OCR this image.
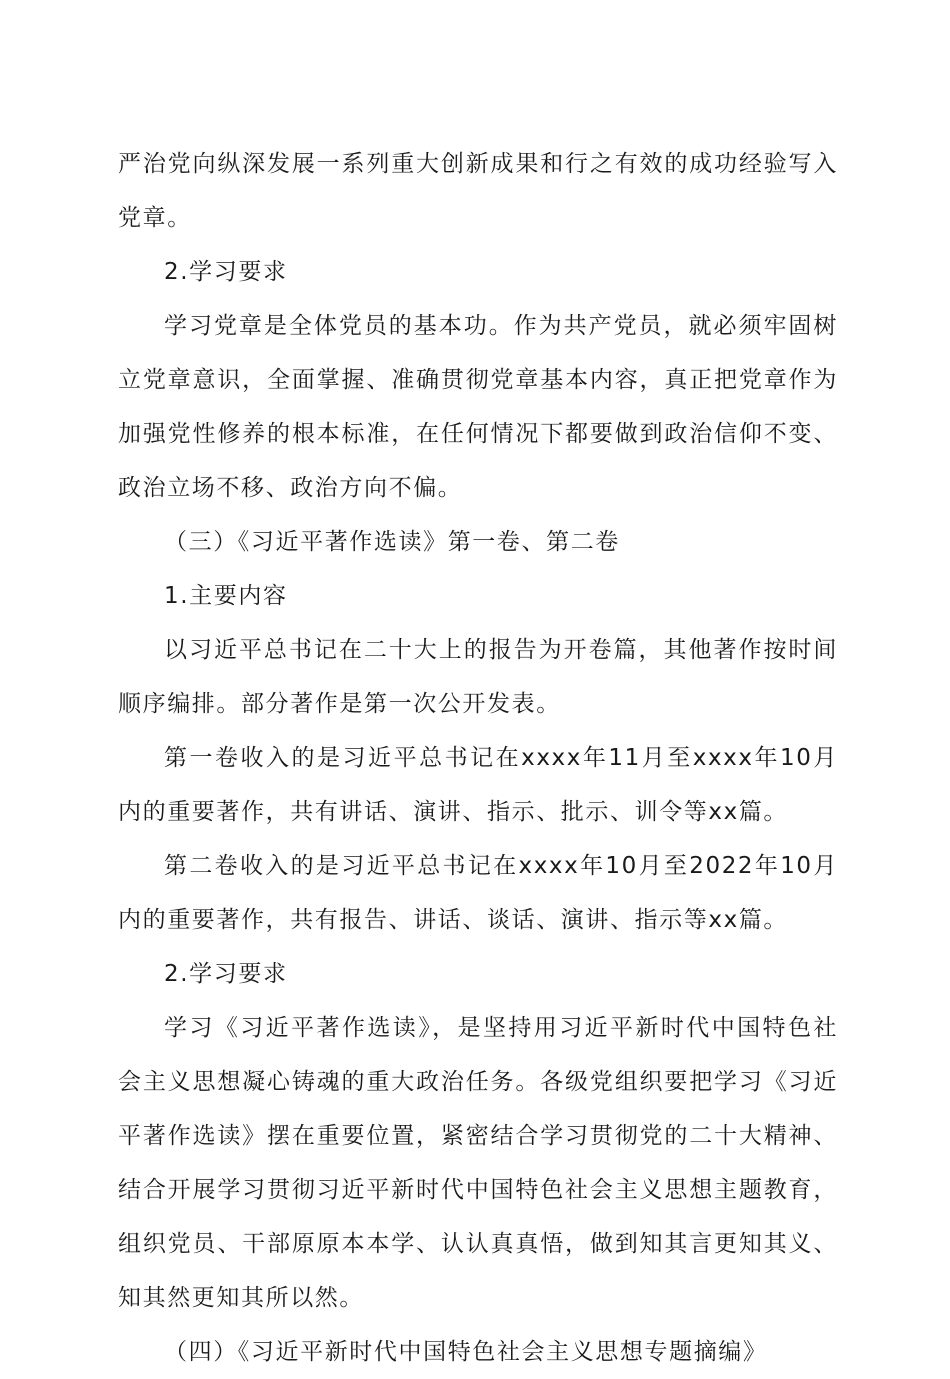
严治党向纵深发展一系列重大创新成果和行之有效的成功经验写入党章。

2.学习要求

学习党章是全体党员的基本功。作为共产党员，就必须牢固树立党章意识，全面掌握、准确贯彻党章基本内容，真正把党章作为加强党性修养的根本标准，在任何情况下都要做到政治信仰不变、政治立场不移、政治方向不偏。

（三）《习近平著作选读》第一卷、第二卷

1.主要内容

以习近平总书记在二十大上的报告为开卷篇，其他著作按时间顺序编排。部分著作是第一次公开发表。

第一卷收入的是习近平总书记在xxxx年11月至xxxx年10月内的重要著作，共有讲话、演讲、指示、批示、训令等xx篇。

第二卷收入的是习近平总书记在xxxx年10月至2022年10月内的重要著作，共有报告、讲话、谈话、演讲、指示等xx篇。

2.学习要求

学习《习近平著作选读》，是坚持用习近平新时代中国特色社会主义思想凝心铸魂的重大政治任务。各级党组织要把学习《习近平著作选读》摆在重要位置，紧密结合学习贯彻党的二十大精神、结合开展学习贯彻习近平新时代中国特色社会主义思想主题教育，组织党员、干部原原本本学、认认真真悟，做到知其言更知其义、知其然更知其所以然。

（四）《习近平新时代中国特色社会主义思想专题摘编》
